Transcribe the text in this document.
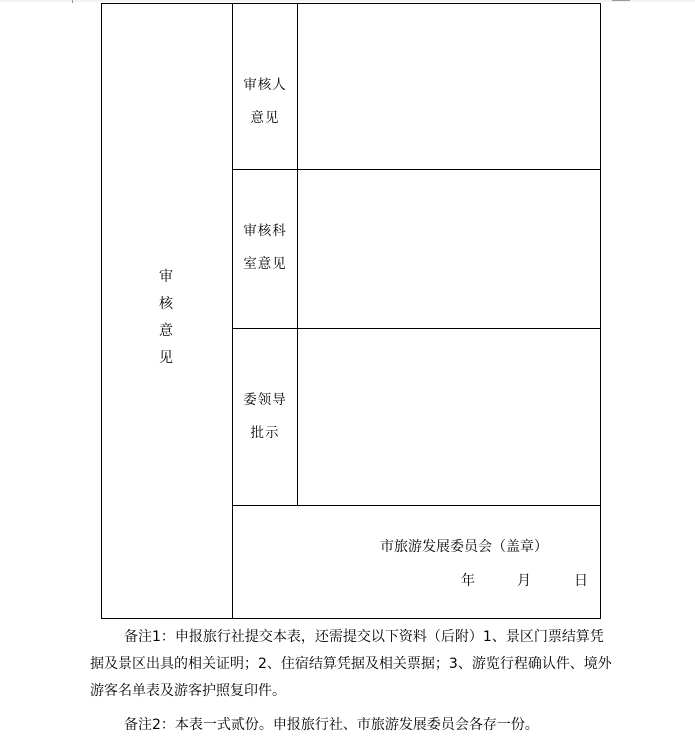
审
核
意
见
审核人
意见
审核科
室意见
委领导
批示
市旅游发展委员会（盖章）
年	月	日
备注1：申报旅行社提交本表，还需提交以下资料（后附）1、景区门票结算凭据及景区出具的相关证明；2、住宿结算凭据及相关票据；3、游览行程确认件、境外游客名单表及游客护照复印件。
备注2：本表一式贰份。申报旅行社、市旅游发展委员会各存一份。
